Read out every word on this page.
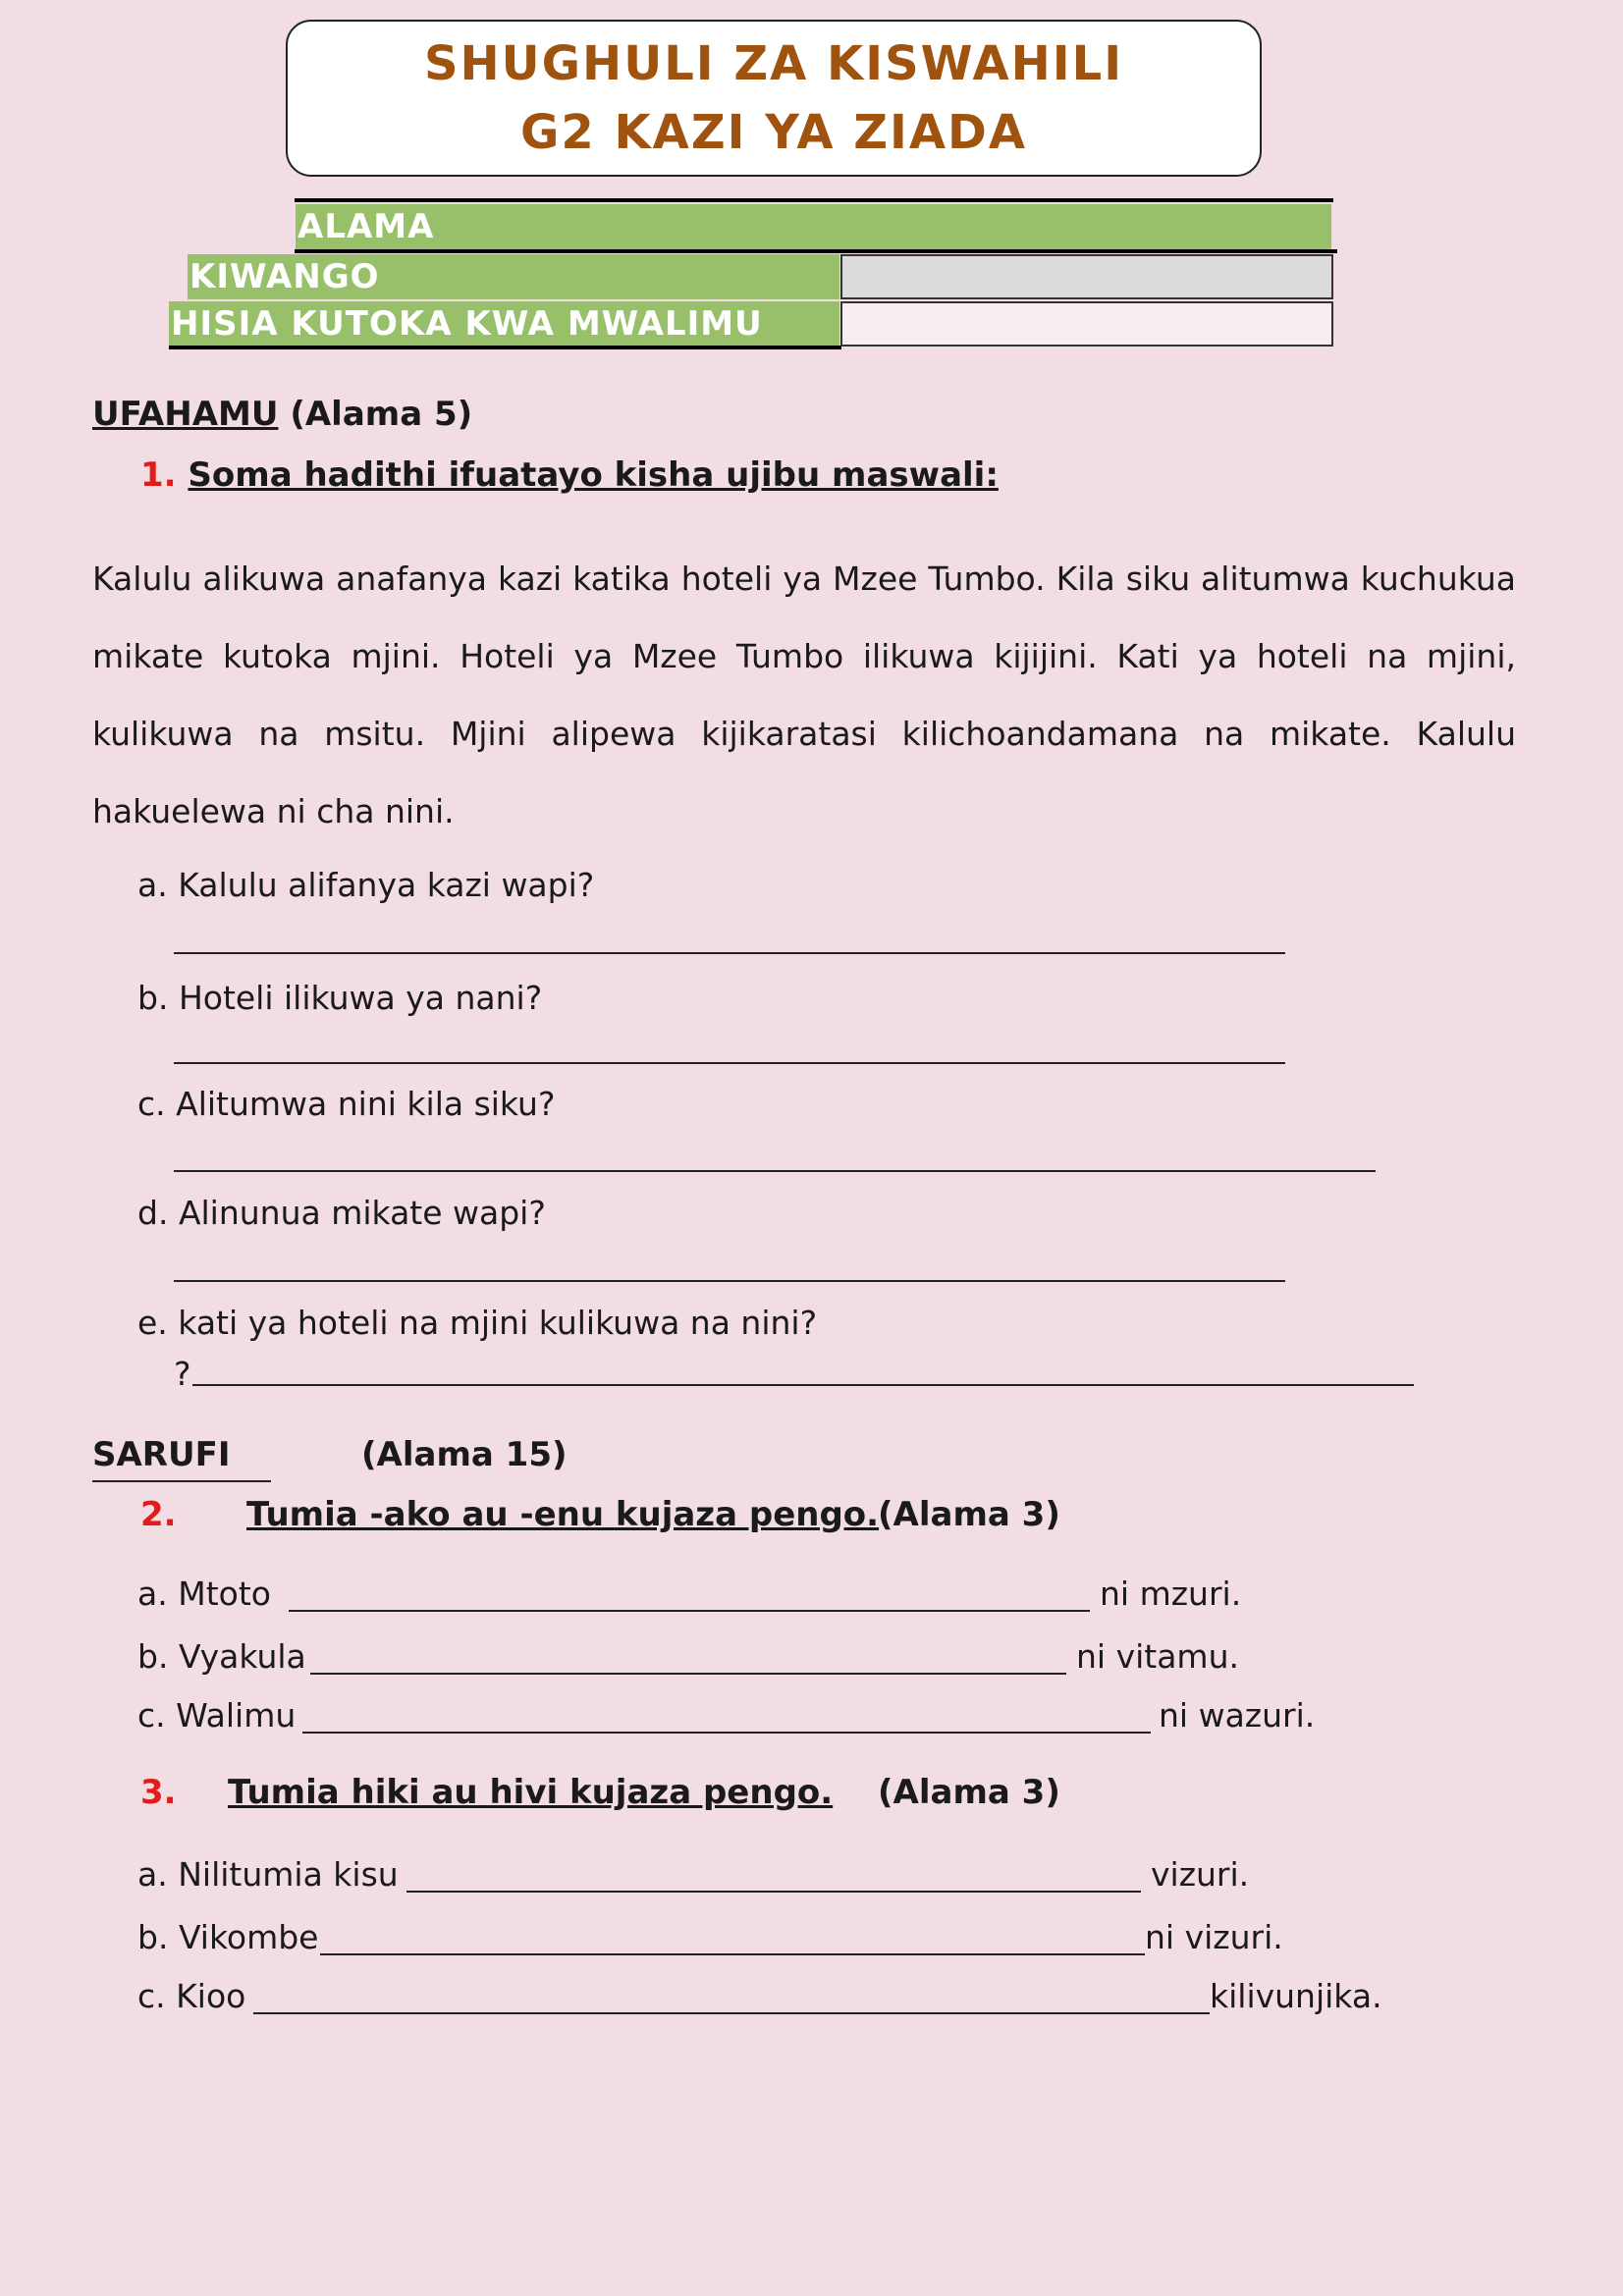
SHUGHULI ZA KISWAHILI
G2 KAZI YA ZIADA
ALAMA
KIWANGO
HISIA KUTOKA KWA MWALIMU
UFAHAMU (Alama 5)
1. Soma hadithi ifuatayo kisha ujibu maswali:
Kalulu alikuwa anafanya kazi katika hoteli ya Mzee Tumbo. Kila siku alitumwa kuchukua mikate kutoka mjini. Hoteli ya Mzee Tumbo ilikuwa kijijini. Kati ya hoteli na mjini, kulikuwa na msitu. Mjini alipewa kijikaratasi kilichoandamana na mikate. Kalulu hakuelewa ni cha nini.
a. Kalulu alifanya kazi wapi?
b. Hoteli ilikuwa ya nani?
c. Alitumwa nini kila siku?
d. Alinunua mikate wapi?
e. kati ya hoteli na mjini kulikuwa na nini?
?
SARUFI	(Alama 15)
2. Tumia -ako au -enu kujaza pengo.
(Alama 3)
a. Mtoto	ni mzuri.
b. Vyakula	ni vitamu.
c. Walimu	ni wazuri.
3. Tumia hiki au hivi kujaza pengo. (Alama 3)
a. Nilitumia kisu	vizuri.
b. Vikombe	ni vizuri.
c. Kioo	kilivunjika.
